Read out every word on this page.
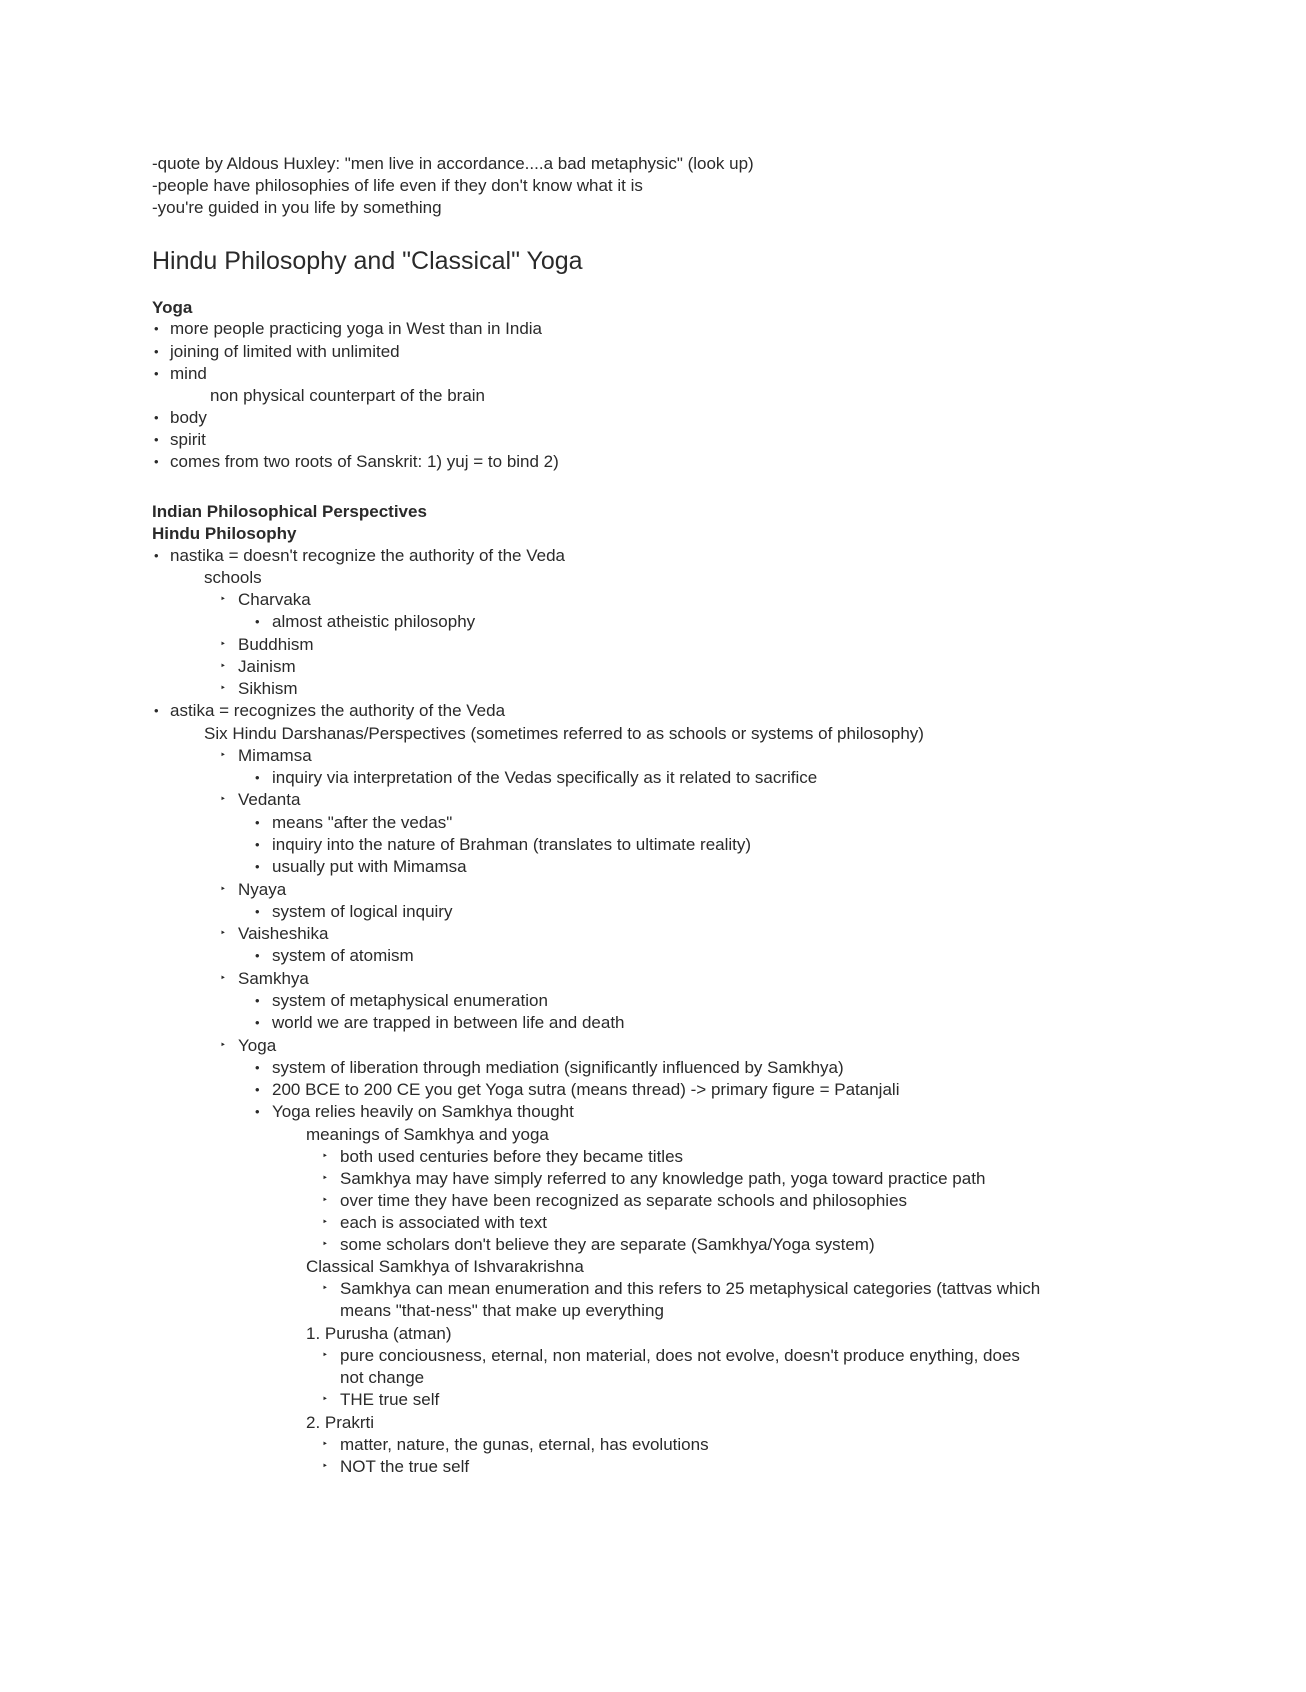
-quote by Aldous Huxley: "men live in accordance....a bad metaphysic" (look up)
-people have philosophies of life even if they don't know what it is
-you're guided in you life by something
Hindu Philosophy and "Classical" Yoga
Yoga
• more people practicing yoga in West than in India
• joining of limited with unlimited
• mind
non physical counterpart of the brain
• body
• spirit
• comes from two roots of Sanskrit: 1) yuj = to bind 2)
Indian Philosophical Perspectives
Hindu Philosophy
• nastika = doesn't recognize the authority of the Veda
schools
‣ Charvaka
• almost atheistic philosophy
‣ Buddhism
‣ Jainism
‣ Sikhism
• astika = recognizes the authority of the Veda
Six Hindu Darshanas/Perspectives (sometimes referred to as schools or systems of philosophy)
‣ Mimamsa
• inquiry via interpretation of the Vedas specifically as it related to sacrifice
‣ Vedanta
• means "after the vedas"
• inquiry into the nature of Brahman (translates to ultimate reality)
• usually put with Mimamsa
‣ Nyaya
• system of logical inquiry
‣ Vaisheshika
• system of atomism
‣ Samkhya
• system of metaphysical enumeration
• world we are trapped in between life and death
‣ Yoga
• system of liberation through mediation (significantly influenced by Samkhya)
• 200 BCE to 200 CE you get Yoga sutra (means thread) -> primary figure = Patanjali
• Yoga relies heavily on Samkhya thought
meanings of Samkhya and yoga
‣ both used centuries before they became titles
‣ Samkhya may have simply referred to any knowledge path, yoga toward practice path
‣ over time they have been recognized as separate schools and philosophies
‣ each is associated with text
‣ some scholars don't believe they are separate (Samkhya/Yoga system)
Classical Samkhya of Ishvarakrishna
‣ Samkhya can mean enumeration and this refers to 25 metaphysical categories (tattvas which
means "that-ness" that make up everything
1. Purusha (atman)
‣ pure conciousness, eternal, non material, does not evolve, doesn't produce enything, does
not change
‣ THE true self
2. Prakrti
‣ matter, nature, the gunas, eternal, has evolutions
‣ NOT the true self
